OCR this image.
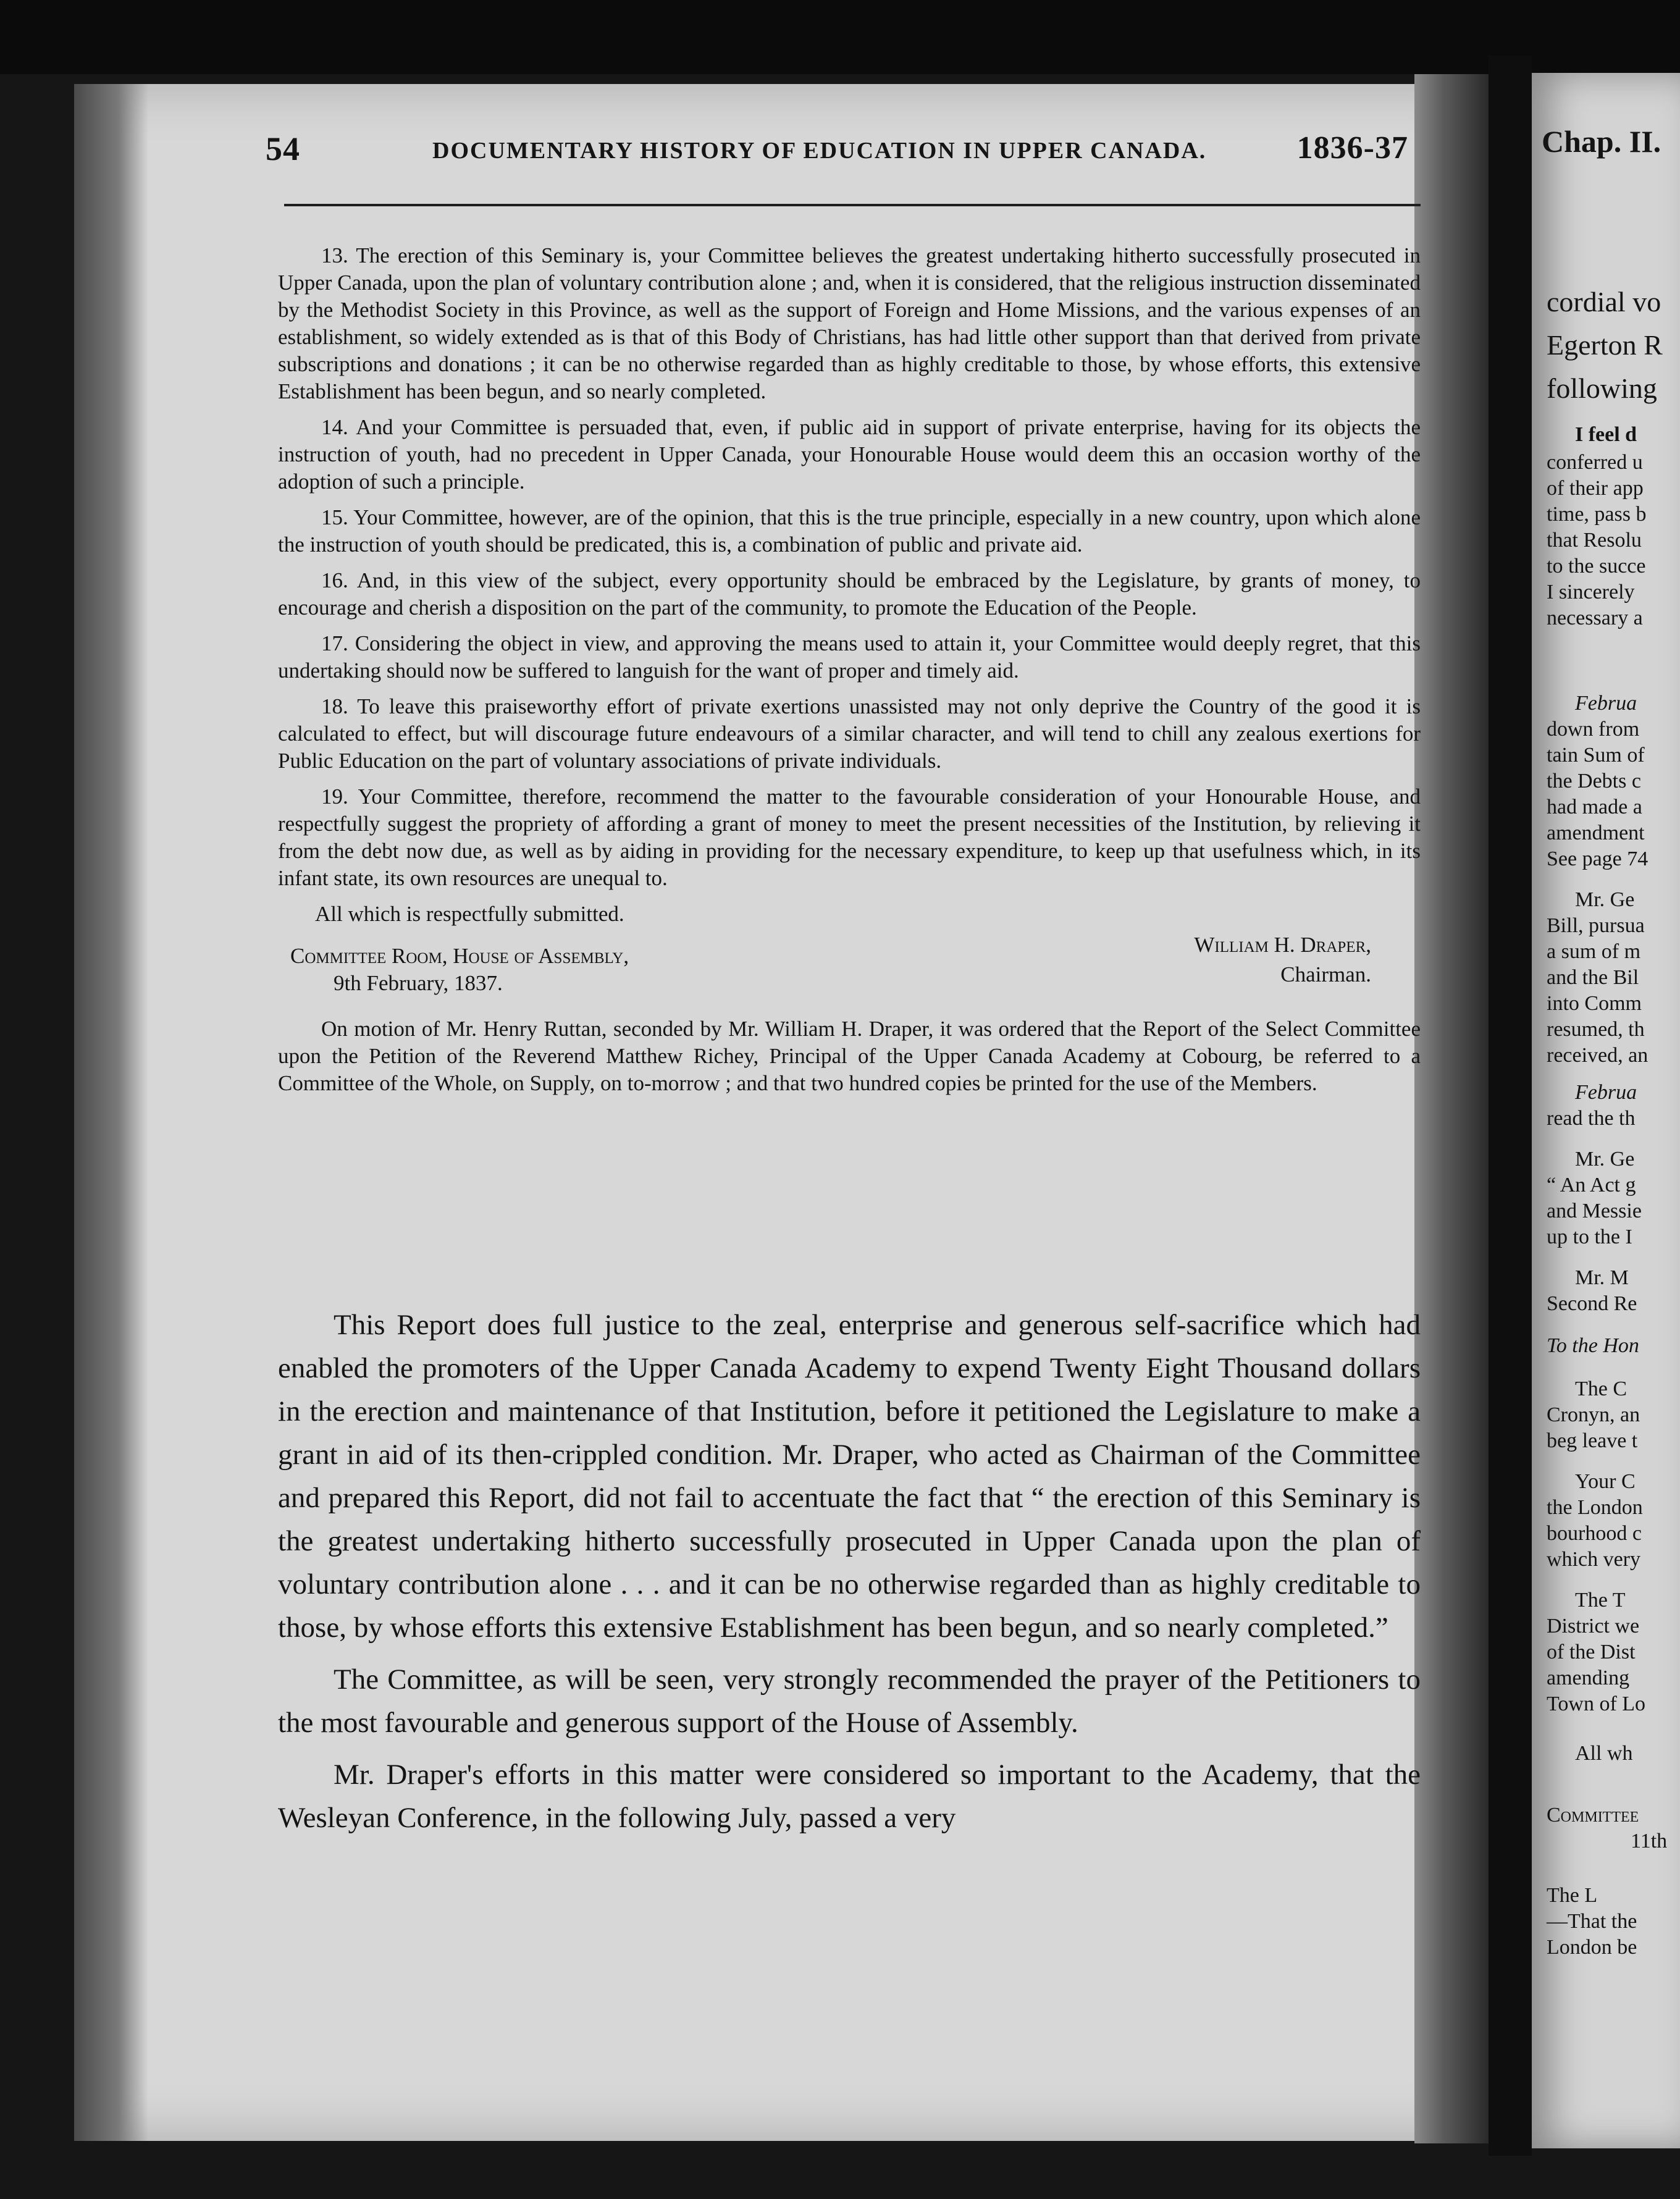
Chap. II.
cordial vo
Egerton R
following
I feel d
conferred u
of their app
time, pass b
that Resolu
to the succe
I sincerely
necessary a
Februa
down from
tain Sum of
the Debts c
had made a
amendment
See page 74
Mr. Ge
Bill, pursua
a sum of m
and the Bil
into Comm
resumed, th
received, an
Februa
read the th
Mr. Ge
“ An Act g
and Messie
up to the I
Mr. M
Second Re
To the Hon
The C
Cronyn, an
beg leave t
Your C
the London
bourhood c
which very
The T
District we
of the Dist
amending
Town of Lo
All wh
Committee
11th
The L
—That the
London be
54	DOCUMENTARY HISTORY OF EDUCATION IN UPPER CANADA.	1836-37

13. The erection of this Seminary is, your Committee believes the greatest undertaking hitherto successfully prosecuted in Upper Canada, upon the plan of voluntary contribution alone ; and, when it is considered, that the religious instruction disseminated by the Methodist Society in this Province, as well as the support of Foreign and Home Missions, and the various expenses of an establishment, so widely extended as is that of this Body of Christians, has had little other support than that derived from private subscriptions and donations ; it can be no otherwise regarded than as highly creditable to those, by whose efforts, this extensive Establishment has been begun, and so nearly completed.

14. And your Committee is persuaded that, even, if public aid in support of private enterprise, having for its objects the instruction of youth, had no precedent in Upper Canada, your Honourable House would deem this an occasion worthy of the adoption of such a principle.

15. Your Committee, however, are of the opinion, that this is the true principle, especially in a new country, upon which alone the instruction of youth should be predicated, this is, a combination of public and private aid.

16. And, in this view of the subject, every opportunity should be embraced by the Legislature, by grants of money, to encourage and cherish a disposition on the part of the community, to promote the Education of the People.

17. Considering the object in view, and approving the means used to attain it, your Committee would deeply regret, that this undertaking should now be suffered to languish for the want of proper and timely aid.

18. To leave this praiseworthy effort of private exertions unassisted may not only deprive the Country of the good it is calculated to effect, but will discourage future endeavours of a similar character, and will tend to chill any zealous exertions for Public Education on the part of voluntary associations of private individuals.

19. Your Committee, therefore, recommend the matter to the favourable consideration of your Honourable House, and respectfully suggest the propriety of affording a grant of money to meet the present necessities of the Institution, by relieving it from the debt now due, as well as by aiding in providing for the necessary expenditure, to keep up that usefulness which, in its infant state, its own resources are unequal to.

All which is respectfully submitted.

William H. Draper,
Chairman.
Committee Room, House of Assembly,
9th February, 1837.

On motion of Mr. Henry Ruttan, seconded by Mr. William H. Draper, it was ordered that the Report of the Select Committee upon the Petition of the Reverend Matthew Richey, Principal of the Upper Canada Academy at Cobourg, be referred to a Committee of the Whole, on Supply, on to-morrow ; and that two hundred copies be printed for the use of the Members.

This Report does full justice to the zeal, enterprise and generous self-sacrifice which had enabled the promoters of the Upper Canada Academy to expend Twenty Eight Thousand dollars in the erection and maintenance of that Institution, before it petitioned the Legislature to make a grant in aid of its then-crippled condition. Mr. Draper, who acted as Chairman of the Committee and prepared this Report, did not fail to accentuate the fact that “ the erection of this Seminary is the greatest undertaking hitherto successfully prosecuted in Upper Canada upon the plan of voluntary contribution alone . . . and it can be no otherwise regarded than as highly creditable to those, by whose efforts this extensive Establishment has been begun, and so nearly completed.”

The Committee, as will be seen, very strongly recommended the prayer of the Petitioners to the most favourable and generous support of the House of Assembly.

Mr. Draper's efforts in this matter were considered so important to the Academy, that the Wesleyan Conference, in the following July, passed a very
